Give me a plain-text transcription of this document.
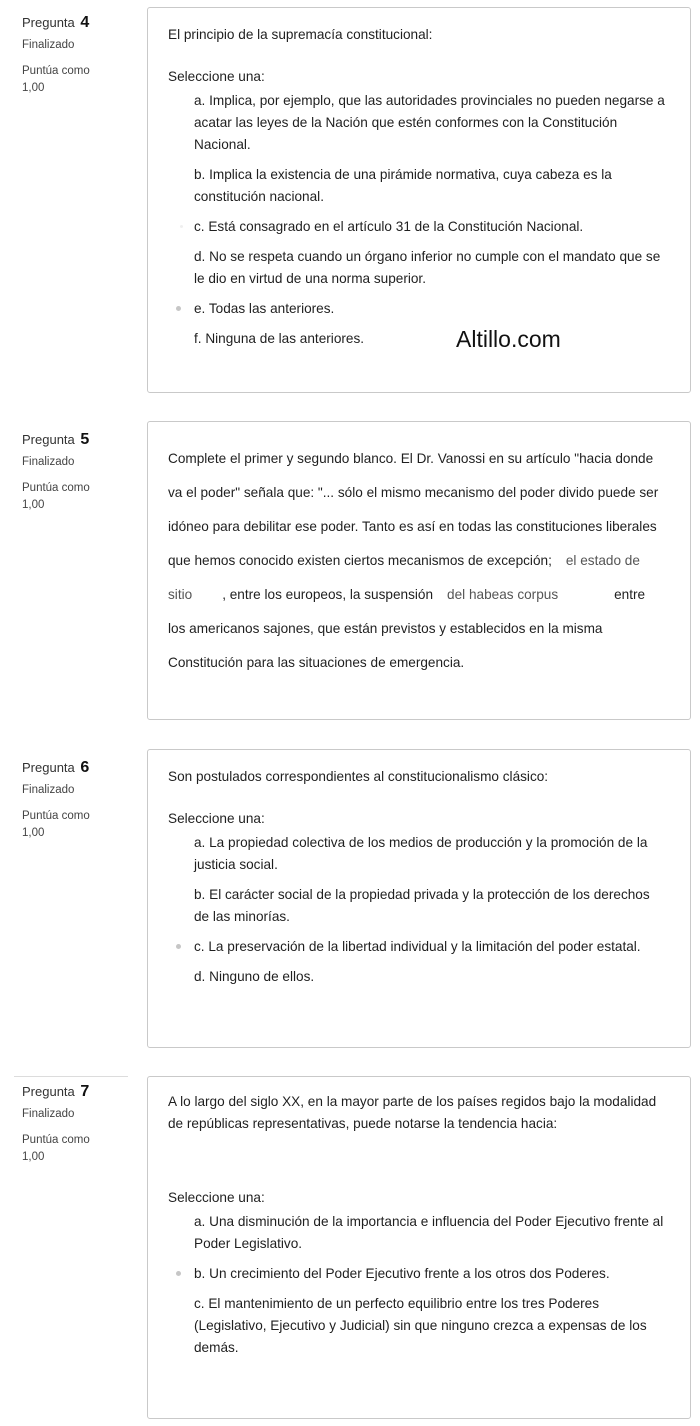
Pregunta 4
Finalizado
Puntúa como
1,00

El principio de la supremacía constitucional:

Seleccione una:
a. Implica, por ejemplo, que las autoridades provinciales no pueden negarse a acatar las leyes de la Nación que estén conformes con la Constitución Nacional.
b. Implica la existencia de una pirámide normativa, cuya cabeza es la constitución nacional.
c. Está consagrado en el artículo 31 de la Constitución Nacional.
d. No se respeta cuando un órgano inferior no cumple con el mandato que se le dio en virtud de una norma superior.
e. Todas las anteriores.
f. Ninguna de las anteriores.	Altillo.com
Pregunta 5
Finalizado
Puntúa como
1,00
Complete el primer y segundo blanco. El Dr. Vanossi en su artículo "hacia donde va el poder" señala que: "... sólo el mismo mecanismo del poder divido puede ser idóneo para debilitar ese poder. Tanto es así en todas las constituciones liberales que hemos conocido existen ciertos mecanismos de excepción; el estado de sitio , entre los europeos, la suspensión del habeas corpus	entre los americanos sajones, que están previstos y establecidos en la misma Constitución para las situaciones de emergencia.
Pregunta 6
Finalizado
Puntúa como
1,00

Son postulados correspondientes al constitucionalismo clásico:

Seleccione una:
a. La propiedad colectiva de los medios de producción y la promoción de la justicia social.
b. El carácter social de la propiedad privada y la protección de los derechos de las minorías.
c. La preservación de la libertad individual y la limitación del poder estatal.
d. Ninguno de ellos.
Pregunta 7
Finalizado
Puntúa como
1,00

A lo largo del siglo XX, en la mayor parte de los países regidos bajo la modalidad de repúblicas representativas, puede notarse la tendencia hacia:

Seleccione una:
a. Una disminución de la importancia e influencia del Poder Ejecutivo frente al Poder Legislativo.
b. Un crecimiento del Poder Ejecutivo frente a los otros dos Poderes.
c. El mantenimiento de un perfecto equilibrio entre los tres Poderes (Legislativo, Ejecutivo y Judicial) sin que ninguno crezca a expensas de los demás.
